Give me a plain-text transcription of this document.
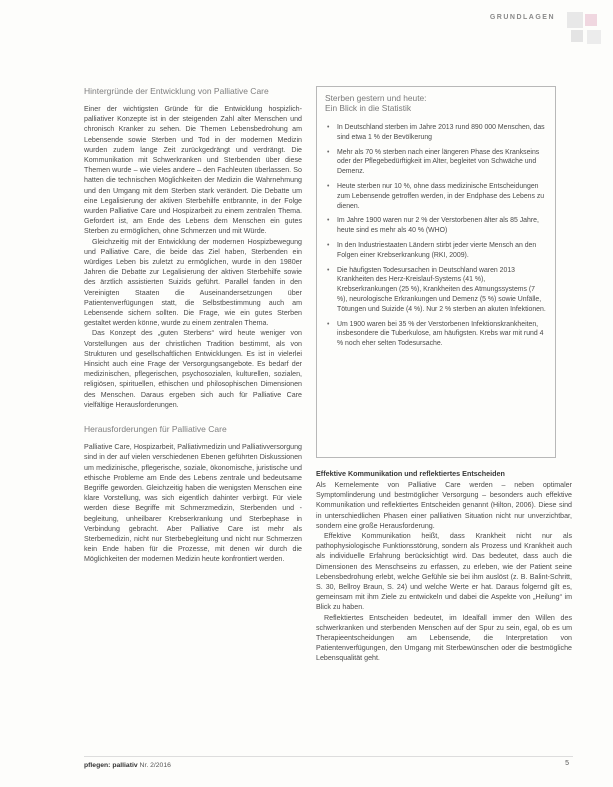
GRUNDLAGEN
Hintergründe der Entwicklung von Palliative Care

Einer der wichtigsten Gründe für die Entwicklung hospizlich-palliativer Konzepte ist in der steigenden Zahl alter Menschen und chronisch Kranker zu sehen. Die Themen Lebensbedrohung am Lebensende sowie Sterben und Tod in der modernen Medizin wurden zudem lange Zeit zurückgedrängt und verdrängt. Die Kommunikation mit Schwerkranken und Sterbenden über diese Themen wurde – wie vieles andere – den Fachleuten überlassen. So hatten die technischen Möglichkeiten der Medizin die Wahrnehmung und den Umgang mit dem Sterben stark verändert. Die Debatte um eine Legalisierung der aktiven Sterbehilfe entbrannte, in der Folge wurden Palliative Care und Hospizarbeit zu einem zentralen Thema. Gefordert ist, am Ende des Lebens dem Menschen ein gutes Sterben zu ermöglichen, ohne Schmerzen und mit Würde.

Gleichzeitig mit der Entwicklung der modernen Hospizbewegung und Palliative Care, die beide das Ziel haben, Sterbenden ein würdiges Leben bis zuletzt zu ermöglichen, wurde in den 1980er Jahren die Debatte zur Legalisierung der aktiven Sterbehilfe sowie des ärztlich assistierten Suizids geführt. Parallel fanden in den Vereinigten Staaten die Auseinandersetzungen über Patientenverfügungen statt, die Selbstbestimmung auch am Lebensende sichern sollten. Die Frage, wie ein gutes Sterben gestaltet werden könne, wurde zu einem zentralen Thema.

Das Konzept des „guten Sterbens“ wird heute weniger von Vorstellungen aus der christlichen Tradition bestimmt, als von Strukturen und gesellschaftlichen Entwicklungen. Es ist in vielerlei Hinsicht auch eine Frage der Versorgungsangebote. Es bedarf der medizinischen, pflegerischen, psychosozialen, kulturellen, sozialen, religiösen, spirituellen, ethischen und philosophischen Dimensionen des Menschen. Daraus ergeben sich auch für Palliative Care vielfältige Herausforderungen.

Herausforderungen für Palliative Care

Palliative Care, Hospizarbeit, Palliativmedizin und Palliativversorgung sind in der auf vielen verschiedenen Ebenen geführten Diskussionen um medizinische, pflegerische, soziale, ökonomische, juristische und ethische Probleme am Ende des Lebens zentrale und bedeutsame Begriffe geworden. Gleichzeitig haben die wenigsten Menschen eine klare Vorstellung, was sich eigentlich dahinter verbirgt. Für viele werden diese Begriffe mit Schmerzmedizin, Sterbenden und -begleitung, unheilbarer Krebserkrankung und Sterbephase in Verbindung gebracht. Aber Palliative Care ist mehr als Sterbemedizin, nicht nur Sterbebegleitung und nicht nur Schmerzen kein Ende haben für die Prozesse, mit denen wir durch die Möglichkeiten der modernen Medizin heute konfrontiert werden.

Sterben gestern und heute:
Ein Blick in die Statistik
• In Deutschland sterben im Jahre 2013 rund 890 000 Menschen, das sind etwa 1 % der Bevölkerung
• Mehr als 70 % sterben nach einer längeren Phase des Krankseins oder der Pflegebedürftigkeit im Alter, begleitet von Schwäche und Demenz.
• Heute sterben nur 10 %, ohne dass medizinische Entscheidungen zum Lebensende getroffen werden, in der Endphase des Lebens zu dienen.
• Im Jahre 1900 waren nur 2 % der Verstorbenen älter als 85 Jahre, heute sind es mehr als 40 % (WHO)
• In den Industriestaaten Ländern stirbt jeder vierte Mensch an den Folgen einer Krebserkrankung (RKI, 2009).
• Die häufigsten Todesursachen in Deutschland waren 2013 Krankheiten des Herz-Kreislauf-Systems (41 %), Krebserkrankungen (25 %), Krankheiten des Atmungssystems (7 %), neurologische Erkrankungen und Demenz (5 %) sowie Unfälle, Tötungen und Suizide (4 %). Nur 2 % sterben an akuten Infektionen.
• Um 1900 waren bei 35 % der Verstorbenen Infektionskrankheiten, insbesondere die Tuberkulose, am häufigsten. Krebs war mit rund 4 % noch eher selten Todesursache.
Effektive Kommunikation und reflektiertes Entscheiden

Als Kernelemente von Palliative Care werden – neben optimaler Symptomlinderung und bestmöglicher Versorgung – besonders auch effektive Kommunikation und reflektiertes Entscheiden genannt (Hilton, 2006). Diese sind in unterschiedlichen Phasen einer palliativen Situation nicht nur unverzichtbar, sondern eine große Herausforderung.

Effektive Kommunikation heißt, dass Krankheit nicht nur als pathophysiologische Funktionsstörung, sondern als Prozess und Krankheit auch als individuelle Erfahrung berücksichtigt wird. Das bedeutet, dass auch die Dimensionen des Menschseins zu erfassen, zu erleben, wie der Patient seine Lebensbedrohung erlebt, welche Gefühle sie bei ihm auslöst (z. B. Balint-Schritt, S. 30, Bellroy Braun, S. 24) und welche Werte er hat. Daraus folgernd gilt es, gemeinsam mit ihm Ziele zu entwickeln und dabei die Aspekte von „Heilung“ im Blick zu haben.

Reflektiertes Entscheiden bedeutet, im Idealfall immer den Willen des schwerkranken und sterbenden Menschen auf der Spur zu sein, egal, ob es um Therapieentscheidungen am Lebensende, die Interpretation von Patientenverfügungen, den Umgang mit Sterbewünschen oder die bestmögliche Lebensqualität geht.

pflegen: palliativ Nr. 2/2016	5
